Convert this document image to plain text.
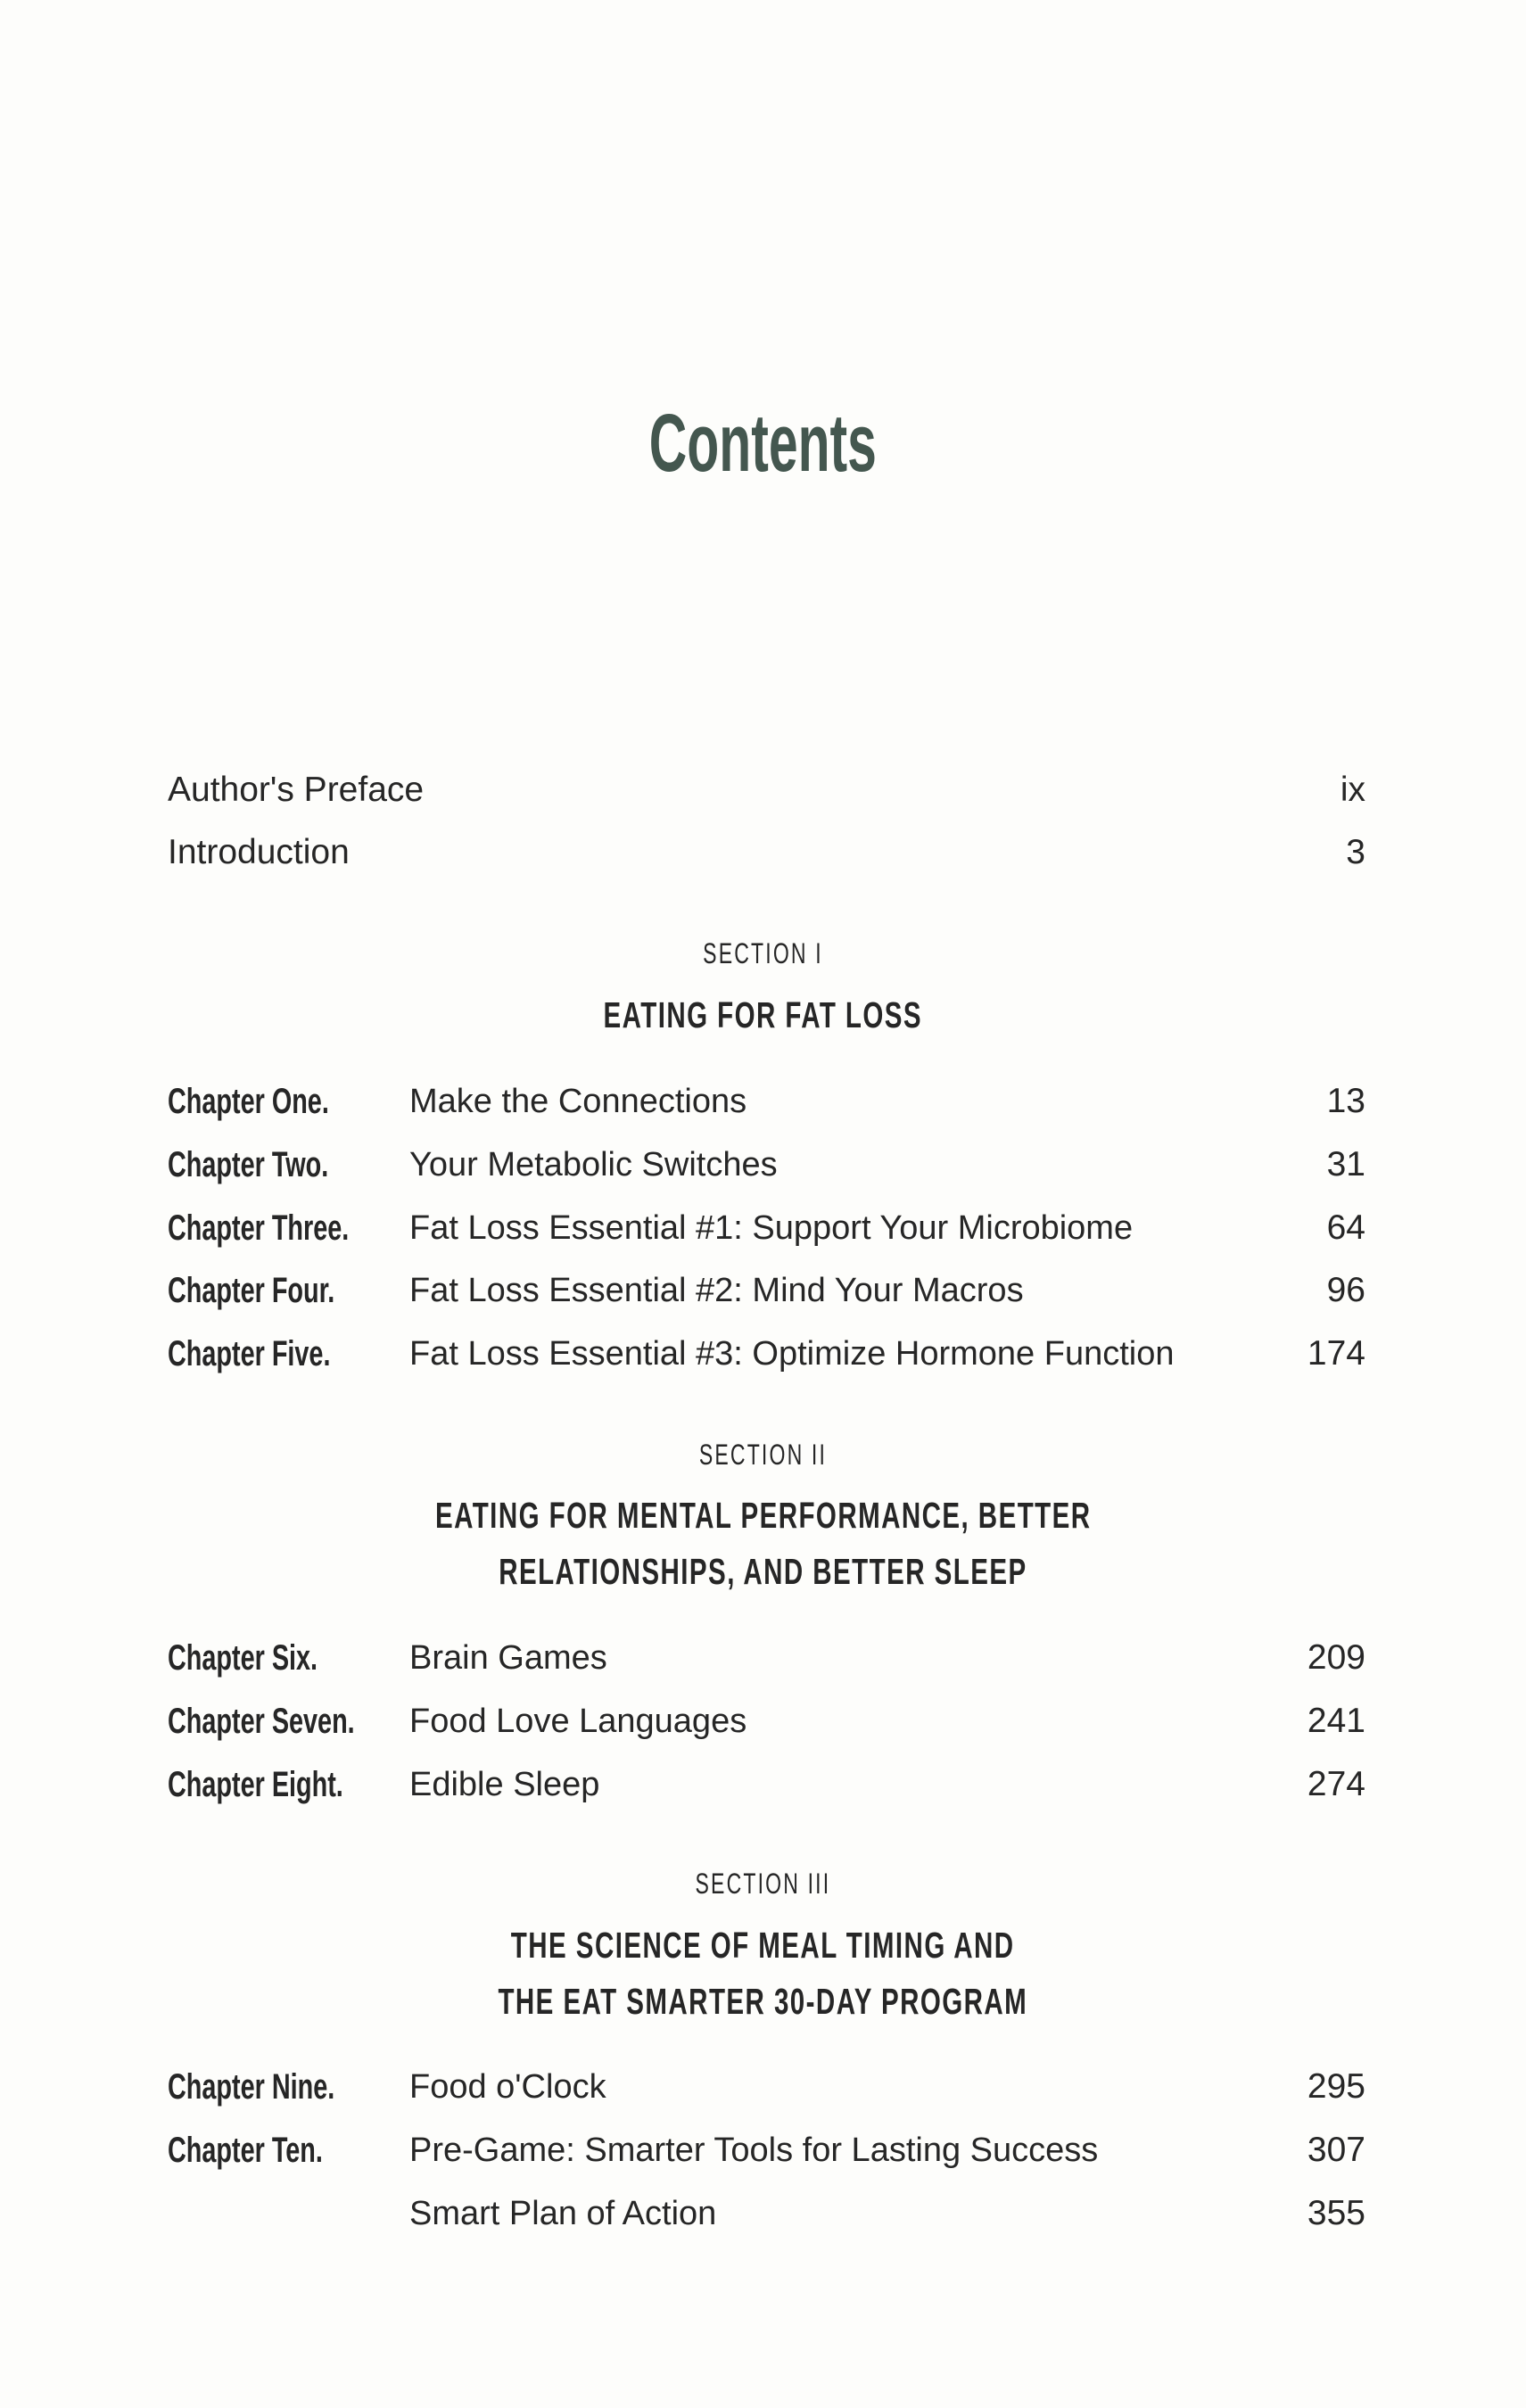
Contents
Author's Preface	ix
Introduction	3
SECTION I
EATING FOR FAT LOSS
Chapter One.	Make the Connections	13
Chapter Two.	Your Metabolic Switches	31
Chapter Three.	Fat Loss Essential #1: Support Your Microbiome	64
Chapter Four.	Fat Loss Essential #2: Mind Your Macros	96
Chapter Five.	Fat Loss Essential #3: Optimize Hormone Function	174
Chapter Six.	Brain Games	209
Chapter Seven.	Food Love Languages	241
Chapter Eight.	Edible Sleep	274
Chapter Nine.	Food o'Clock	295
Chapter Ten.	Pre-Game: Smarter Tools for Lasting Success	307
Smart Plan of Action	355
SECTION II
EATING FOR MENTAL PERFORMANCE, BETTER
RELATIONSHIPS, AND BETTER SLEEP
SECTION III
THE SCIENCE OF MEAL TIMING AND
THE EAT SMARTER 30-DAY PROGRAM
